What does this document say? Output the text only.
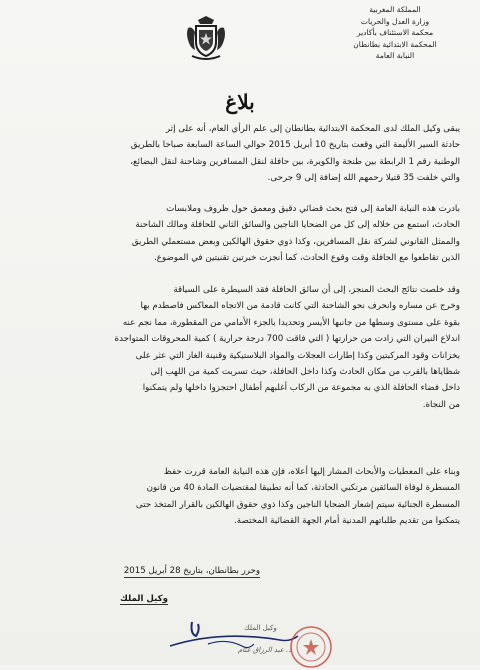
المملكة المغربية
وزارة العدل والحريات
محكمة الاستئناف بأكادير
المحكمة الابتدائية بطانطان
النيابة العامة
بلاغ
يبقى وكيل الملك لدى المحكمة الابتدائية بطانطان إلى علم الرأي العام، أنه على إثر
حادثة السير الأليمة التي وقعت بتاريخ 10 أبريل 2015 حوالي الساعة السابعة صباحا بالطريق
الوطنية رقم 1 الرابطة بين طنجة والكويرة، بين حافلة لنقل المسافرين وشاحنة لنقل البضائع،
والتي خلفت 35 قتيلا رحمهم الله إضافة إلى 9 جرحى.
بادرت هذه النيابة العامة إلى فتح بحث قضائي دقيق ومعمق حول ظروف وملابسات
الحادث، استمع من خلاله إلى كل من الضحايا الناجين والسائق الثاني للحافلة ومالك الشاحنة
والممثل القانوني لشركة نقل المسافرين، وكذا ذوي حقوق الهالكين وبعض مستعملي الطريق
الذين تقاطعوا مع الحافلة وقت وقوع الحادث، كما أنجزت خبرتين تقنيتين في الموضوع.
وقد خلصت نتائج البحث المنجز، إلى أن سائق الحافلة فقد السيطرة على السياقة
وخرج عن مساره وانحرف نحو الشاحنة التي كانت قادمة من الاتجاه المعاكس فاصطدم بها
بقوة على مستوى وسطها من جانبها الأيسر وتحديدا بالجزء الأمامي من المقطورة، مما نجم عنه
اندلاع النيران التي زادت من حرارتها ( التي فاقت 700 درجة حرارية ) كمية المحروقات المتواجدة
بخزانات وقود المركبتين وكذا إطارات العجلات والمواد البلاستيكية وقنينة الغاز التي عثر على
شظاياها بالقرب من مكان الحادث وكذا داخل الحافلة، حيث تسربت كمية من اللهب إلى
داخل فضاء الحافلة الذي به مجموعة من الركاب أغلبهم أطفال احتجزوا داخلها ولم يتمكنوا
من النجاة.
وبناء على المعطيات والأبحاث المشار إليها أعلاه، فإن هذه النيابة العامة قررت حفظ
المسطرة لوفاة السائقين مرتكبي الحادثة، كما أنه تطبيقا لمقتضيات المادة 40 من قانون
المسطرة الجنائية سيتم إشعار الضحايا الناجين وكذا ذوي حقوق الهالكين بالقرار المتخذ حتى
يتمكنوا من تقديم طلباتهم المدنية أمام الجهة القضائية المختصة.
وحرر بطانطان، بتاريخ 28 أبريل 2015
وكيل الملك
وكيل الملك
ذ. عبد الرزاق عثام
